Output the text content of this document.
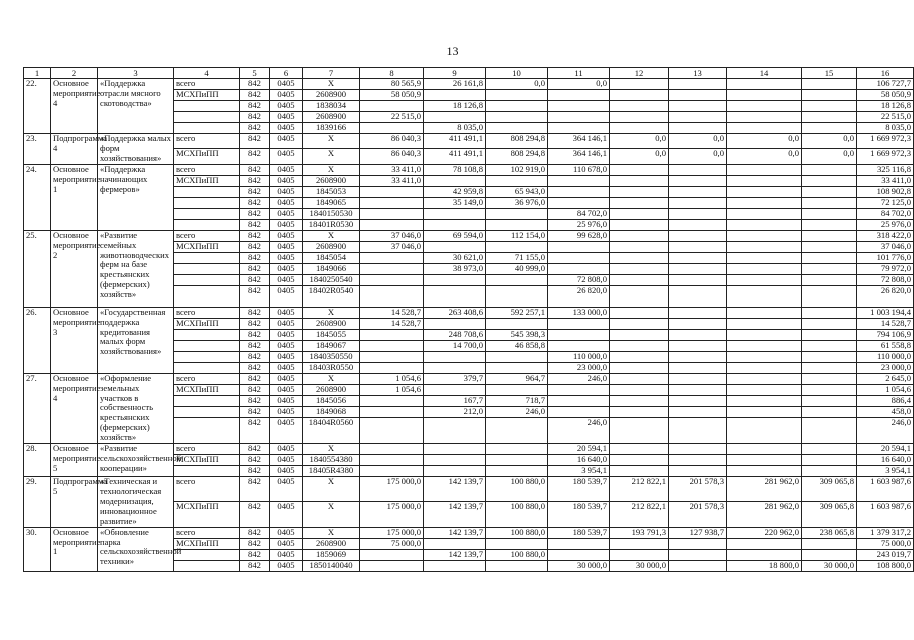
13
1	2	3	4	5	6	7	8	9	10	11	12	13	14	15	16
22.	Основное мероприятие 4	«Поддержка отрасли мясного скотоводства»	всего	842	0405	X	80 565,9	26 161,8	0,0	0,0					106 727,7
			МСХПиПП	842	0405	2608900	58 050,9								58 050,9
				842	0405	1838034		18 126,8							18 126,8
				842	0405	2608900	22 515,0								22 515,0
				842	0405	1839166		8 035,0							8 035,0
23.	Подпрограмма 4	«Поддержка малых форм хозяйствования»	всего	842	0405	X	86 040,3	411 491,1	808 294,8	364 146,1	0,0	0,0	0,0	0,0	1 669 972,3
			МСХПиПП	842	0405	X	86 040,3	411 491,1	808 294,8	364 146,1	0,0	0,0	0,0	0,0	1 669 972,3
24.	Основное мероприятие 1	«Поддержка начинающих фермеров»	всего	842	0405	X	33 411,0	78 108,8	102 919,0	110 678,0					325 116,8
			МСХПиПП	842	0405	2608900	33 411,0								33 411,0
				842	0405	1845053		42 959,8	65 943,0						108 902,8
				842	0405	1849065		35 149,0	36 976,0						72 125,0
				842	0405	1840150530				84 702,0					84 702,0
				842	0405	18401R0530				25 976,0					25 976,0
25.	Основное мероприятие 2	«Развитие семейных животноводческих ферм на базе крестьянских (фермерских) хозяйств»	всего	842	0405	X	37 046,0	69 594,0	112 154,0	99 628,0					318 422,0
			МСХПиПП	842	0405	2608900	37 046,0								37 046,0
				842	0405	1845054		30 621,0	71 155,0						101 776,0
				842	0405	1849066		38 973,0	40 999,0						79 972,0
				842	0405	1840250540				72 808,0					72 808,0
				842	0405	18402R0540				26 820,0					26 820,0
26.	Основное мероприятие 3	«Государственная поддержка кредитования малых форм хозяйствования»	всего	842	0405	X	14 528,7	263 408,6	592 257,1	133 000,0					1 003 194,4
			МСХПиПП	842	0405	2608900	14 528,7								14 528,7
				842	0405	1845055		248 708,6	545 398,3						794 106,9
				842	0405	1849067		14 700,0	46 858,8						61 558,8
				842	0405	1840350550				110 000,0					110 000,0
				842	0405	18403R0550				23 000,0					23 000,0
27.	Основное мероприятие 4	«Оформление земельных участков в собственность крестьянских (фермерских) хозяйств»	всего	842	0405	X	1 054,6	379,7	964,7	246,0					2 645,0
			МСХПиПП	842	0405	2608900	1 054,6								1 054,6
				842	0405	1845056		167,7	718,7						886,4
				842	0405	1849068		212,0	246,0						458,0
				842	0405	18404R0560				246,0					246,0
28.	Основное мероприятие 5	«Развитие сельскохозяйственной кооперации»	всего	842	0405	X				20 594,1					20 594,1
			МСХПиПП	842	0405	1840554380				16 640,0					16 640,0
				842	0405	18405R4380				3 954,1					3 954,1
29.	Подпрограмма 5	«Техническая и технологическая модернизация, инновационное развитие»	всего	842	0405	X	175 000,0	142 139,7	100 880,0	180 539,7	212 822,1	201 578,3	281 962,0	309 065,8	1 603 987,6
			МСХПиПП	842	0405	X	175 000,0	142 139,7	100 880,0	180 539,7	212 822,1	201 578,3	281 962,0	309 065,8	1 603 987,6
30.	Основное мероприятие 1	«Обновление парка сельскохозяйственной техники»	всего	842	0405	X	175 000,0	142 139,7	100 880,0	180 539,7	193 791,3	127 938,7	220 962,0	238 065,8	1 379 317,2
			МСХПиПП	842	0405	2608900	75 000,0								75 000,0
				842	0405	1859069		142 139,7	100 880,0						243 019,7
				842	0405	1850140040				30 000,0	30 000,0		18 800,0	30 000,0	108 800,0
